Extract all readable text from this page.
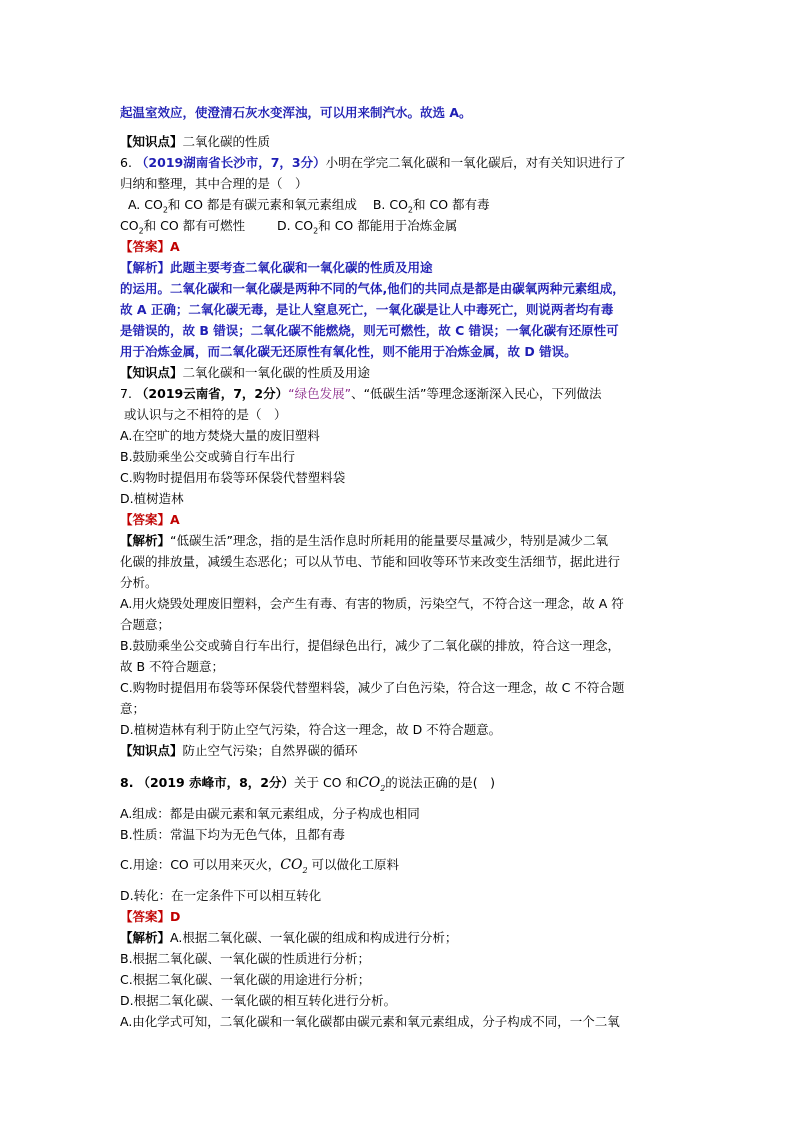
起温室效应，使澄清石灰水变浑浊，可以用来制汽水。故选 A。
【知识点】二氧化碳的性质
6. （2019湖南省长沙市，7，3分）小明在学完二氧化碳和一氧化碳后，对有关知识进行了
归纳和整理，其中合理的是（　）
A. $CO_2$和 CO 都是有碳元素和氧元素组成 B. $CO_2$和 CO 都有毒
$CO_2$和 CO 都有可燃性	D. $CO_2$和 CO 都能用于冶炼金属
【答案】A
【解析】此题主要考查二氧化碳和一氧化碳的性质及用途
的运用。二氧化碳和一氧化碳是两种不同的气体,他们的共同点是都是由碳氧两种元素组成，
故 A 正确；二氧化碳无毒，是让人窒息死亡，一氧化碳是让人中毒死亡，则说两者均有毒
是错误的，故 B 错误；二氧化碳不能燃烧，则无可燃性，故 C 错误；一氧化碳有还原性可
用于冶炼金属，而二氧化碳无还原性有氧化性，则不能用于冶炼金属，故 D 错误。
【知识点】二氧化碳和一氧化碳的性质及用途
7. （2019云南省，7，2分）“绿色发展”、“低碳生活”等理念逐渐深入民心，下列做法
或认识与之不相符的是（　）
A.在空旷的地方焚烧大量的废旧塑料
B.鼓励乘坐公交或骑自行车出行
C.购物时提倡用布袋等环保袋代替塑料袋
D.植树造林
【答案】A
【解析】“低碳生活”理念，指的是生活作息时所耗用的能量要尽量减少，特别是减少二氧
化碳的排放量，减缓生态恶化；可以从节电、节能和回收等环节来改变生活细节，据此进行
分析。
A.用火烧毁处理废旧塑料，会产生有毒、有害的物质，污染空气，不符合这一理念，故 A 符
合题意；
B.鼓励乘坐公交或骑自行车出行，提倡绿色出行，减少了二氧化碳的排放，符合这一理念，
故 B 不符合题意；
C.购物时提倡用布袋等环保袋代替塑料袋，减少了白色污染，符合这一理念，故 C 不符合题
意；
D.植树造林有利于防止空气污染，符合这一理念，故 D 不符合题意。
【知识点】防止空气污染；自然界碳的循环
8. （2019 赤峰市，8，2分）关于 CO 和$CO_2$的说法正确的是(　)
A.组成：都是由碳元素和氧元素组成，分子构成也相同
B.性质：常温下均为无色气体，且都有毒
C.用途：CO 可以用来灭火，$CO_2$ 可以做化工原料
D.转化：在一定条件下可以相互转化
【答案】D
【解析】A.根据二氧化碳、一氧化碳的组成和构成进行分析；
B.根据二氧化碳、一氧化碳的性质进行分析；
C.根据二氧化碳、一氧化碳的用途进行分析；
D.根据二氧化碳、一氧化碳的相互转化进行分析。
A.由化学式可知，二氧化碳和一氧化碳都由碳元素和氧元素组成，分子构成不同，一个二氧
